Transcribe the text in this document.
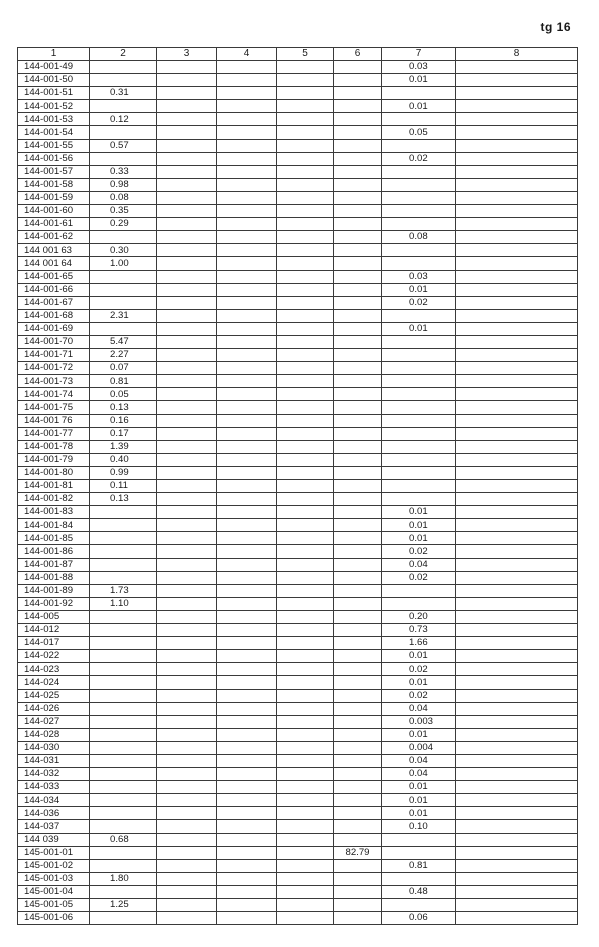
tg 16
1	2	3	4	5	6	7	8
144-001-49						0.03	
144-001-50						0.01	
144-001-51	0.31						
144-001-52						0.01	
144-001-53	0.12						
144-001-54						0.05	
144-001-55	0.57						
144-001-56						0.02	
144-001-57	0.33						
144-001-58	0.98						
144-001-59	0.08						
144-001-60	0.35						
144-001-61	0.29						
144-001-62						0.08	
144 001 63	0.30						
144 001 64	1.00						
144-001-65						0.03	
144-001-66						0.01	
144-001-67						0.02	
144-001-68	2.31						
144-001-69						0.01	
144-001-70	5.47						
144-001-71	2.27						
144-001-72	0.07						
144-001-73	0.81						
144-001-74	0.05						
144-001-75	0.13						
144-001 76	0.16						
144-001-77	0.17						
144-001-78	1.39						
144-001-79	0.40						
144-001-80	0.99						
144-001-81	0.11						
144-001-82	0.13						
144-001-83						0.01	
144-001-84						0.01	
144-001-85						0.01	
144-001-86						0.02	
144-001-87						0.04	
144-001-88						0.02	
144-001-89	1.73						
144-001-92	1.10						
144-005						0.20	
144-012						0.73	
144-017						1.66	
144-022						0.01	
144-023						0.02	
144-024						0.01	
144-025						0.02	
144-026						0.04	
144-027						0.003	
144-028						0.01	
144-030						0.004	
144-031						0.04	
144-032						0.04	
144-033						0.01	
144-034						0.01	
144-036						0.01	
144-037						0.10	
144 039	0.68						
145-001-01					82.79		
145-001-02						0.81	
145-001-03	1.80						
145-001-04						0.48	
145-001-05	1.25						
145-001-06						0.06	
